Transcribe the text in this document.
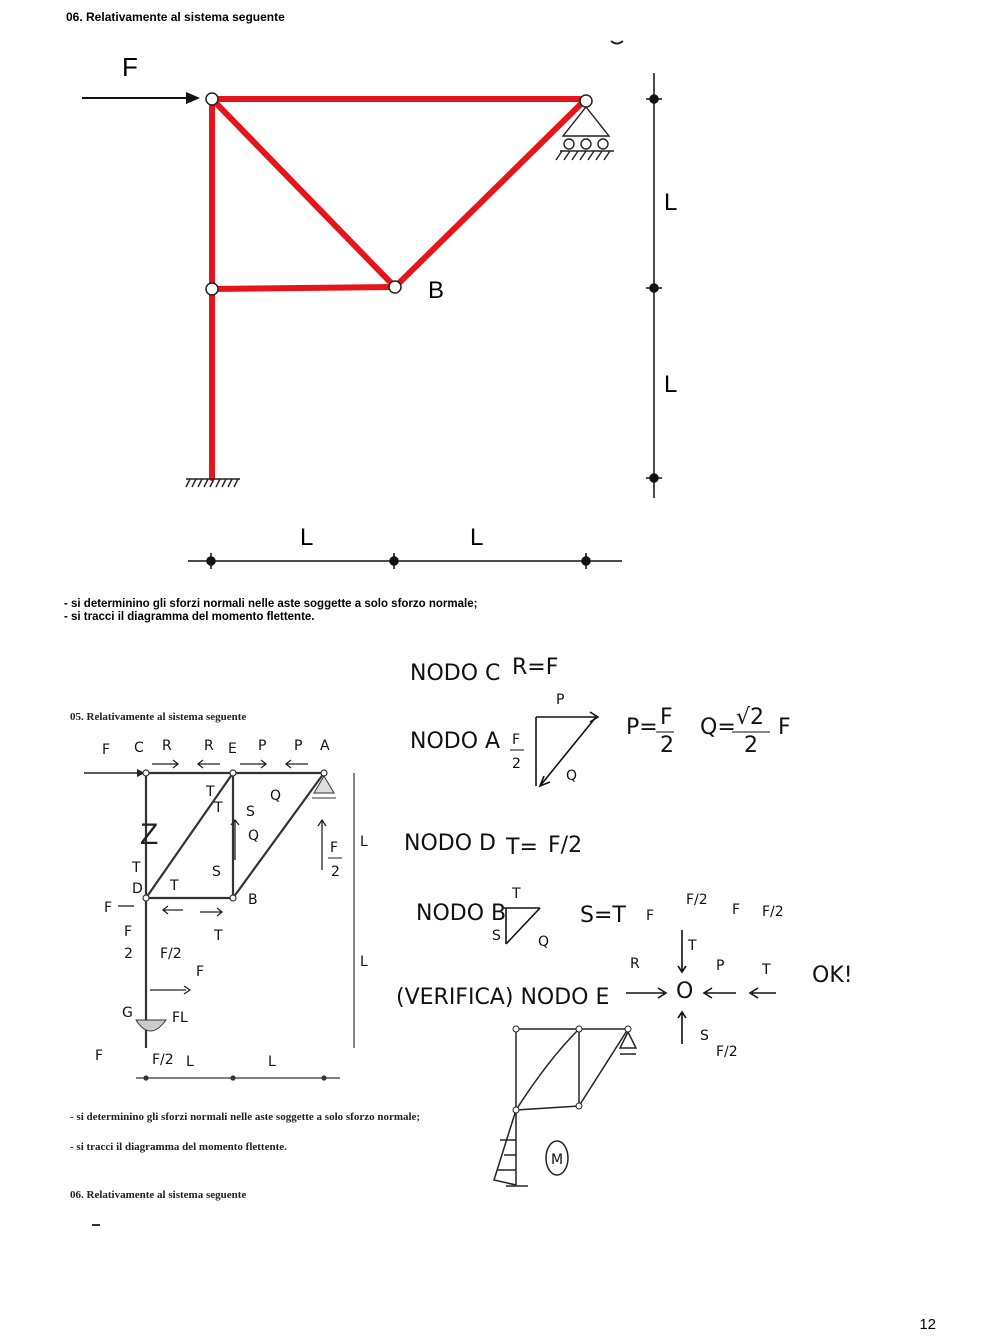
06. Relativamente al sistema seguente
F
B
L
L
L	L
- si determinino gli sforzi normali nelle aste soggette a solo sforzo normale;
- si tracci il diagramma del momento flettente.
05. Relativamente al sistema seguente
F C R R E P P A
T
T S
Q
S
Q
Z
T
T
D
B
T
F
F
2
F
2 F/2
F
FL
G
F	F/2
L
L
L	L
- si determinino gli sforzi normali nelle aste soggette a solo sforzo normale;
- si tracci il diagramma del momento flettente.
06. Relativamente al sistema seguente
NODO C R=F
NODO A
P
F
2
Q
P= F
2
Q= √2
2
F
NODO D T= F/2
NODO B
T
S	Q
S=T
(VERIFICA) NODO E	O
R
F
F/2
T
P
F F/2
T
S
F/2
OK!
M
12
